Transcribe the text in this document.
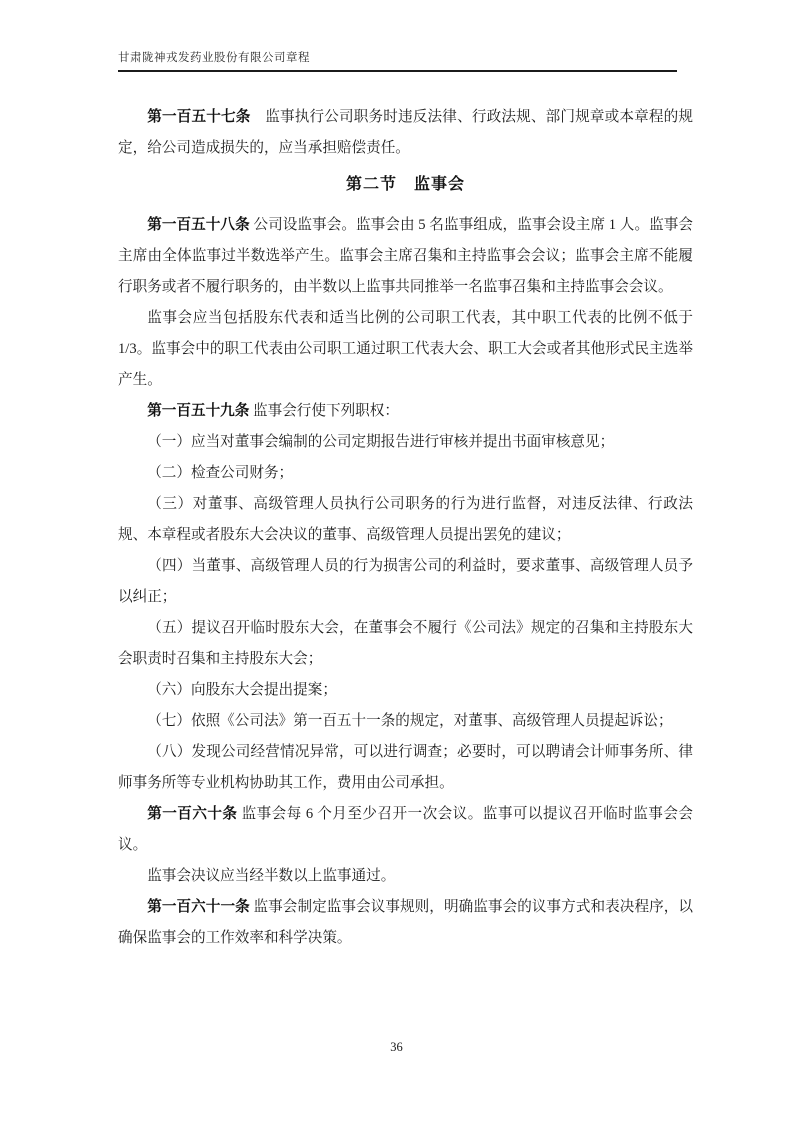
甘肃陇神戎发药业股份有限公司章程

第一百五十七条　 监事执行公司职务时违反法律、行政法规、部门规章或本章程的规定，给公司造成损失的，应当承担赔偿责任。

第二节　监事会

第一百五十八条 公司设监事会。监事会由 5 名监事组成，监事会设主席 1 人。监事会主席由全体监事过半数选举产生。监事会主席召集和主持监事会会议；监事会主席不能履行职务或者不履行职务的，由半数以上监事共同推举一名监事召集和主持监事会会议。

监事会应当包括股东代表和适当比例的公司职工代表，其中职工代表的比例不低于 1/3。监事会中的职工代表由公司职工通过职工代表大会、职工大会或者其他形式民主选举产生。

第一百五十九条 监事会行使下列职权：

（一）应当对董事会编制的公司定期报告进行审核并提出书面审核意见；

（二）检查公司财务；

（三）对董事、高级管理人员执行公司职务的行为进行监督，对违反法律、行政法规、本章程或者股东大会决议的董事、高级管理人员提出罢免的建议；

（四）当董事、高级管理人员的行为损害公司的利益时，要求董事、高级管理人员予以纠正；

（五）提议召开临时股东大会，在董事会不履行《公司法》规定的召集和主持股东大会职责时召集和主持股东大会；

（六）向股东大会提出提案；

（七）依照《公司法》第一百五十一条的规定，对董事、高级管理人员提起诉讼；

（八）发现公司经营情况异常，可以进行调查；必要时，可以聘请会计师事务所、律师事务所等专业机构协助其工作，费用由公司承担。

第一百六十条 监事会每 6 个月至少召开一次会议。监事可以提议召开临时监事会会议。

监事会决议应当经半数以上监事通过。

第一百六十一条 监事会制定监事会议事规则，明确监事会的议事方式和表决程序，以确保监事会的工作效率和科学决策。

36
